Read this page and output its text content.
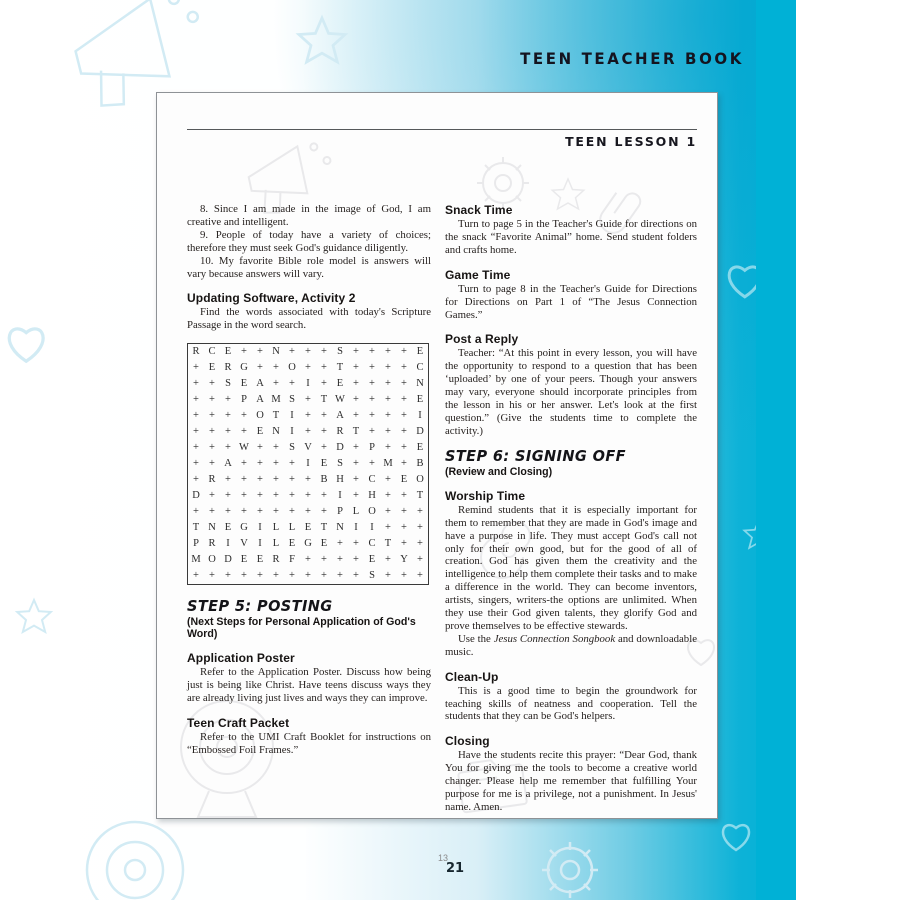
TEEN TEACHER BOOK
21
TEEN LESSON 1

8. Since I am made in the image of God, I am creative and intelligent.

9. People of today have a variety of choices; therefore they must seek God's guidance diligently.

10. My favorite Bible role model is answers will vary because answers will vary.

Updating Software, Activity 2

Find the words associated with today's Scripture Passage in the word search.

R C E + + N + + + S + + + + E
+ E R G + + O + + T + + + + C
+ + S E A + +	I	+ E + + + + N
+ + + P A M S + T W + + + + E
+ + + + O T	I	+ + A + + + +	I
+ + + + E N I	+ + R T + + + D
+ + + W + + S V + D + P + + E
+ + A + + + +	I	E S + + M + B
+ R + + + + + + B H + C + E O
D + + + + + + + +	I	+ H + + T
+ + + + + + + + + P L O + + +
T N E G I	L L E T N I	I	+ + +
P R	I V I	L E G E + + C T + +
M O D E E R F + + + + E + Y +
+ + + + + + + + + + + S + + +
STEP 5: POSTING
(Next Steps for Personal Application of God's Word)
Application Poster

Refer to the Application Poster. Discuss how being just is being like Christ. Have teens discuss ways they are already living just lives and ways they can improve.

Teen Craft Packet

Refer to the UMI Craft Booklet for instructions on “Embossed Foil Frames.”

Snack Time

Turn to page 5 in the Teacher's Guide for directions on the snack “Favorite Animal” home. Send student folders and crafts home.

Game Time

Turn to page 8 in the Teacher's Guide for Directions for Directions on Part 1 of “The Jesus Connection Games.”

Post a Reply

Teacher: “At this point in every lesson, you will have the opportunity to respond to a question that has been ‘uploaded’ by one of your peers. Though your answers may vary, everyone should incorporate principles from the lesson in his or her answer. Let's look at the first question.” (Give the students time to complete the activity.)

STEP 6: SIGNING OFF
(Review and Closing)
Worship Time

Remind students that it is especially important for them to remember that they are made in God's image and have a purpose in life. They must accept God's call not only for their own good, but for the good of all of creation. God has given them the creativity and the intelligence to help them complete their tasks and to make a difference in the world. They can become inventors, artists, singers, writers-the options are unlimited. When they use their God given talents, they glorify God and prove themselves to be effective stewards.

Use the Jesus Connection Songbook and downloadable music.

Clean-Up

This is a good time to begin the groundwork for teaching skills of neatness and cooperation. Tell the students that they can be God's helpers.

Closing

Have the students recite this prayer: “Dear God, thank You for giving me the tools to become a creative world changer. Please help me remember that fulfilling Your purpose for me is a privilege, not a punishment. In Jesus' name. Amen.

13
